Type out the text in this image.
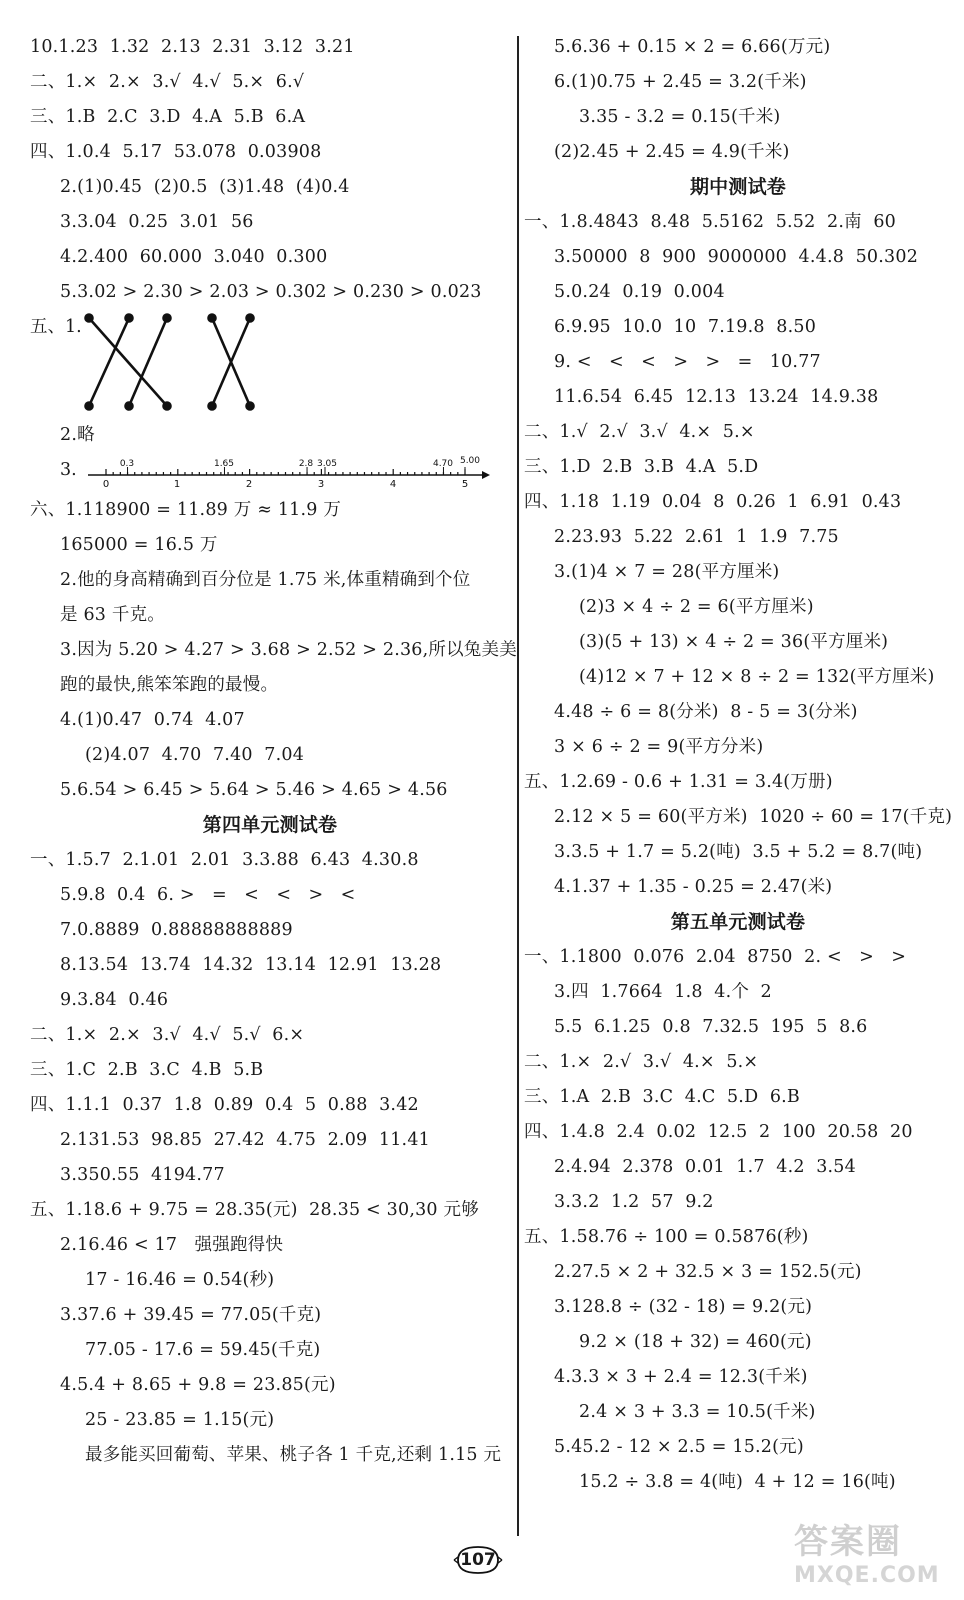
10.1.23  1.32  2.13  2.31  3.12  3.21
二、1.×  2.×  3.√  4.√  5.×  6.√
三、1.B  2.C  3.D  4.A  5.B  6.A
四、1.0.4  5.17  53.078  0.03908
2.(1)0.45  (2)0.5  (3)1.48  (4)0.4
3.3.04  0.25  3.01  56
4.2.400  60.000  3.040  0.300
5.3.02 > 2.30 > 2.03 > 0.302 > 0.230 > 0.023
五、1.
2.略
3.
0	1	2	3	4	5
0.3	1.65	2.8 3.05	4.70 5.00
六、1.118900 = 11.89 万 ≈ 11.9 万
165000 = 16.5 万
2.他的身高精确到百分位是 1.75 米,体重精确到个位
是 63 千克。
3.因为 5.20 > 4.27 > 3.68 > 2.52 > 2.36,所以兔美美
跑的最快,熊笨笨跑的最慢。
4.(1)0.47  0.74  4.07
(2)4.07  4.70  7.40  7.04
5.6.54 > 6.45 > 5.64 > 5.46 > 4.65 > 4.56
第四单元测试卷
一、1.5.7  2.1.01  2.01  3.3.88  6.43  4.30.8
5.9.8  0.4  6. >   =   <   <   >   <
7.0.8889  0.88888888889
8.13.54  13.74  14.32  13.14  12.91  13.28
9.3.84  0.46
二、1.×  2.×  3.√  4.√  5.√  6.×
三、1.C  2.B  3.C  4.B  5.B
四、1.1.1  0.37  1.8  0.89  0.4  5  0.88  3.42
2.131.53  98.85  27.42  4.75  2.09  11.41
3.350.55  4194.77
五、1.18.6 + 9.75 = 28.35(元)  28.35 < 30,30 元够
2.16.46 < 17   强强跑得快
17 - 16.46 = 0.54(秒)
3.37.6 + 39.45 = 77.05(千克)
77.05 - 17.6 = 59.45(千克)
4.5.4 + 8.65 + 9.8 = 23.85(元)
25 - 23.85 = 1.15(元)
最多能买回葡萄、苹果、桃子各 1 千克,还剩 1.15 元
5.6.36 + 0.15 × 2 = 6.66(万元)
6.(1)0.75 + 2.45 = 3.2(千米)
3.35 - 3.2 = 0.15(千米)
(2)2.45 + 2.45 = 4.9(千米)
期中测试卷
一、1.8.4843  8.48  5.5162  5.52  2.南  60
3.50000  8  900  9000000  4.4.8  50.302
5.0.24  0.19  0.004
6.9.95  10.0  10  7.19.8  8.50
9. <   <   <   >   >   =   10.77
11.6.54  6.45  12.13  13.24  14.9.38
二、1.√  2.√  3.√  4.×  5.×
三、1.D  2.B  3.B  4.A  5.D
四、1.18  1.19  0.04  8  0.26  1  6.91  0.43
2.23.93  5.22  2.61  1  1.9  7.75
3.(1)4 × 7 = 28(平方厘米)
(2)3 × 4 ÷ 2 = 6(平方厘米)
(3)(5 + 13) × 4 ÷ 2 = 36(平方厘米)
(4)12 × 7 + 12 × 8 ÷ 2 = 132(平方厘米)
4.48 ÷ 6 = 8(分米)  8 - 5 = 3(分米)
3 × 6 ÷ 2 = 9(平方分米)
五、1.2.69 - 0.6 + 1.31 = 3.4(万册)
2.12 × 5 = 60(平方米)  1020 ÷ 60 = 17(千克)
3.3.5 + 1.7 = 5.2(吨)  3.5 + 5.2 = 8.7(吨)
4.1.37 + 1.35 - 0.25 = 2.47(米)
第五单元测试卷
一、1.1800  0.076  2.04  8750  2. <   >   >
3.四  1.7664  1.8  4.个  2
5.5  6.1.25  0.8  7.32.5  195  5  8.6
二、1.×  2.√  3.√  4.×  5.×
三、1.A  2.B  3.C  4.C  5.D  6.B
四、1.4.8  2.4  0.02  12.5  2  100  20.58  20
2.4.94  2.378  0.01  1.7  4.2  3.54
3.3.2  1.2  57  9.2
五、1.58.76 ÷ 100 = 0.5876(秒)
2.27.5 × 2 + 32.5 × 3 = 152.5(元)
3.128.8 ÷ (32 - 18) = 9.2(元)
9.2 × (18 + 32) = 460(元)
4.3.3 × 3 + 2.4 = 12.3(千米)
2.4 × 3 + 3.3 = 10.5(千米)
5.45.2 - 12 × 2.5 = 15.2(元)
15.2 ÷ 3.8 = 4(吨)  4 + 12 = 16(吨)
107	答案圈
MXQE.COM
